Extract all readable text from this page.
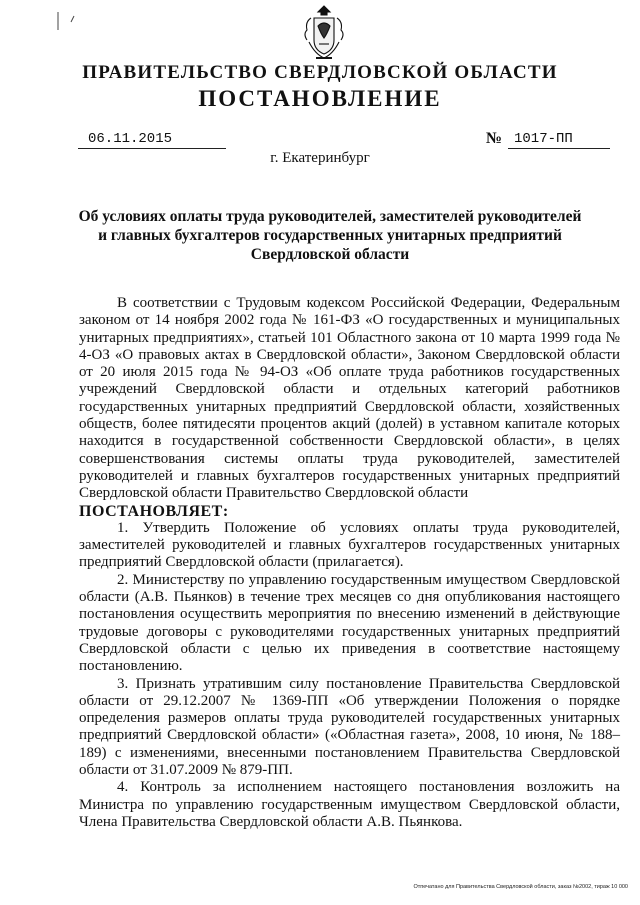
ПРАВИТЕЛЬСТВО СВЕРДЛОВСКОЙ ОБЛАСТИ
ПОСТАНОВЛЕНИЕ
06.11.2015	№ 1017-ПП
г. Екатеринбург
Об условиях оплаты труда руководителей, заместителей руководителей
и главных бухгалтеров государственных унитарных предприятий
Свердловской области

В соответствии с Трудовым кодексом Российской Федерации, Федеральным законом от 14 ноября 2002 года № 161-ФЗ «О государственных и муниципальных унитарных предприятиях», статьей 101 Областного закона от 10 марта 1999 года № 4-ОЗ «О правовых актах в Свердловской области», Законом Свердловской области от 20 июля 2015 года № 94-ОЗ «Об оплате труда работников государственных учреждений Свердловской области и отдельных категорий работников государственных унитарных предприятий Свердловской области, хозяйственных обществ, более пятидесяти процентов акций (долей) в уставном капитале которых находится в государственной собственности Свердловской области», в целях совершенствования системы оплаты труда руководителей, заместителей руководителей и главных бухгалтеров государственных унитарных предприятий Свердловской области Правительство Свердловской области

ПОСТАНОВЛЯЕТ:

1. Утвердить Положение об условиях оплаты труда руководителей, заместителей руководителей и главных бухгалтеров государственных унитарных предприятий Свердловской области (прилагается).

2. Министерству по управлению государственным имуществом Свердловской области (А.В. Пьянков) в течение трех месяцев со дня опубликования настоящего постановления осуществить мероприятия по внесению изменений в действующие трудовые договоры с руководителями государственных унитарных предприятий Свердловской области с целью их приведения в соответствие настоящему постановлению.

3. Признать утратившим силу постановление Правительства Свердловской области от 29.12.2007 № 1369-ПП «Об утверждении Положения о порядке определения размеров оплаты труда руководителей государственных унитарных предприятий Свердловской области» («Областная газета», 2008, 10 июня, № 188–189) с изменениями, внесенными постановлением Правительства Свердловской области от 31.07.2009 № 879-ПП.

4. Контроль за исполнением настоящего постановления возложить на Министра по управлению государственным имуществом Свердловской области, Члена Правительства Свердловской области А.В. Пьянкова.

Отпечатано для Правительства Свердловской области, заказ №2002, тираж 10 000
